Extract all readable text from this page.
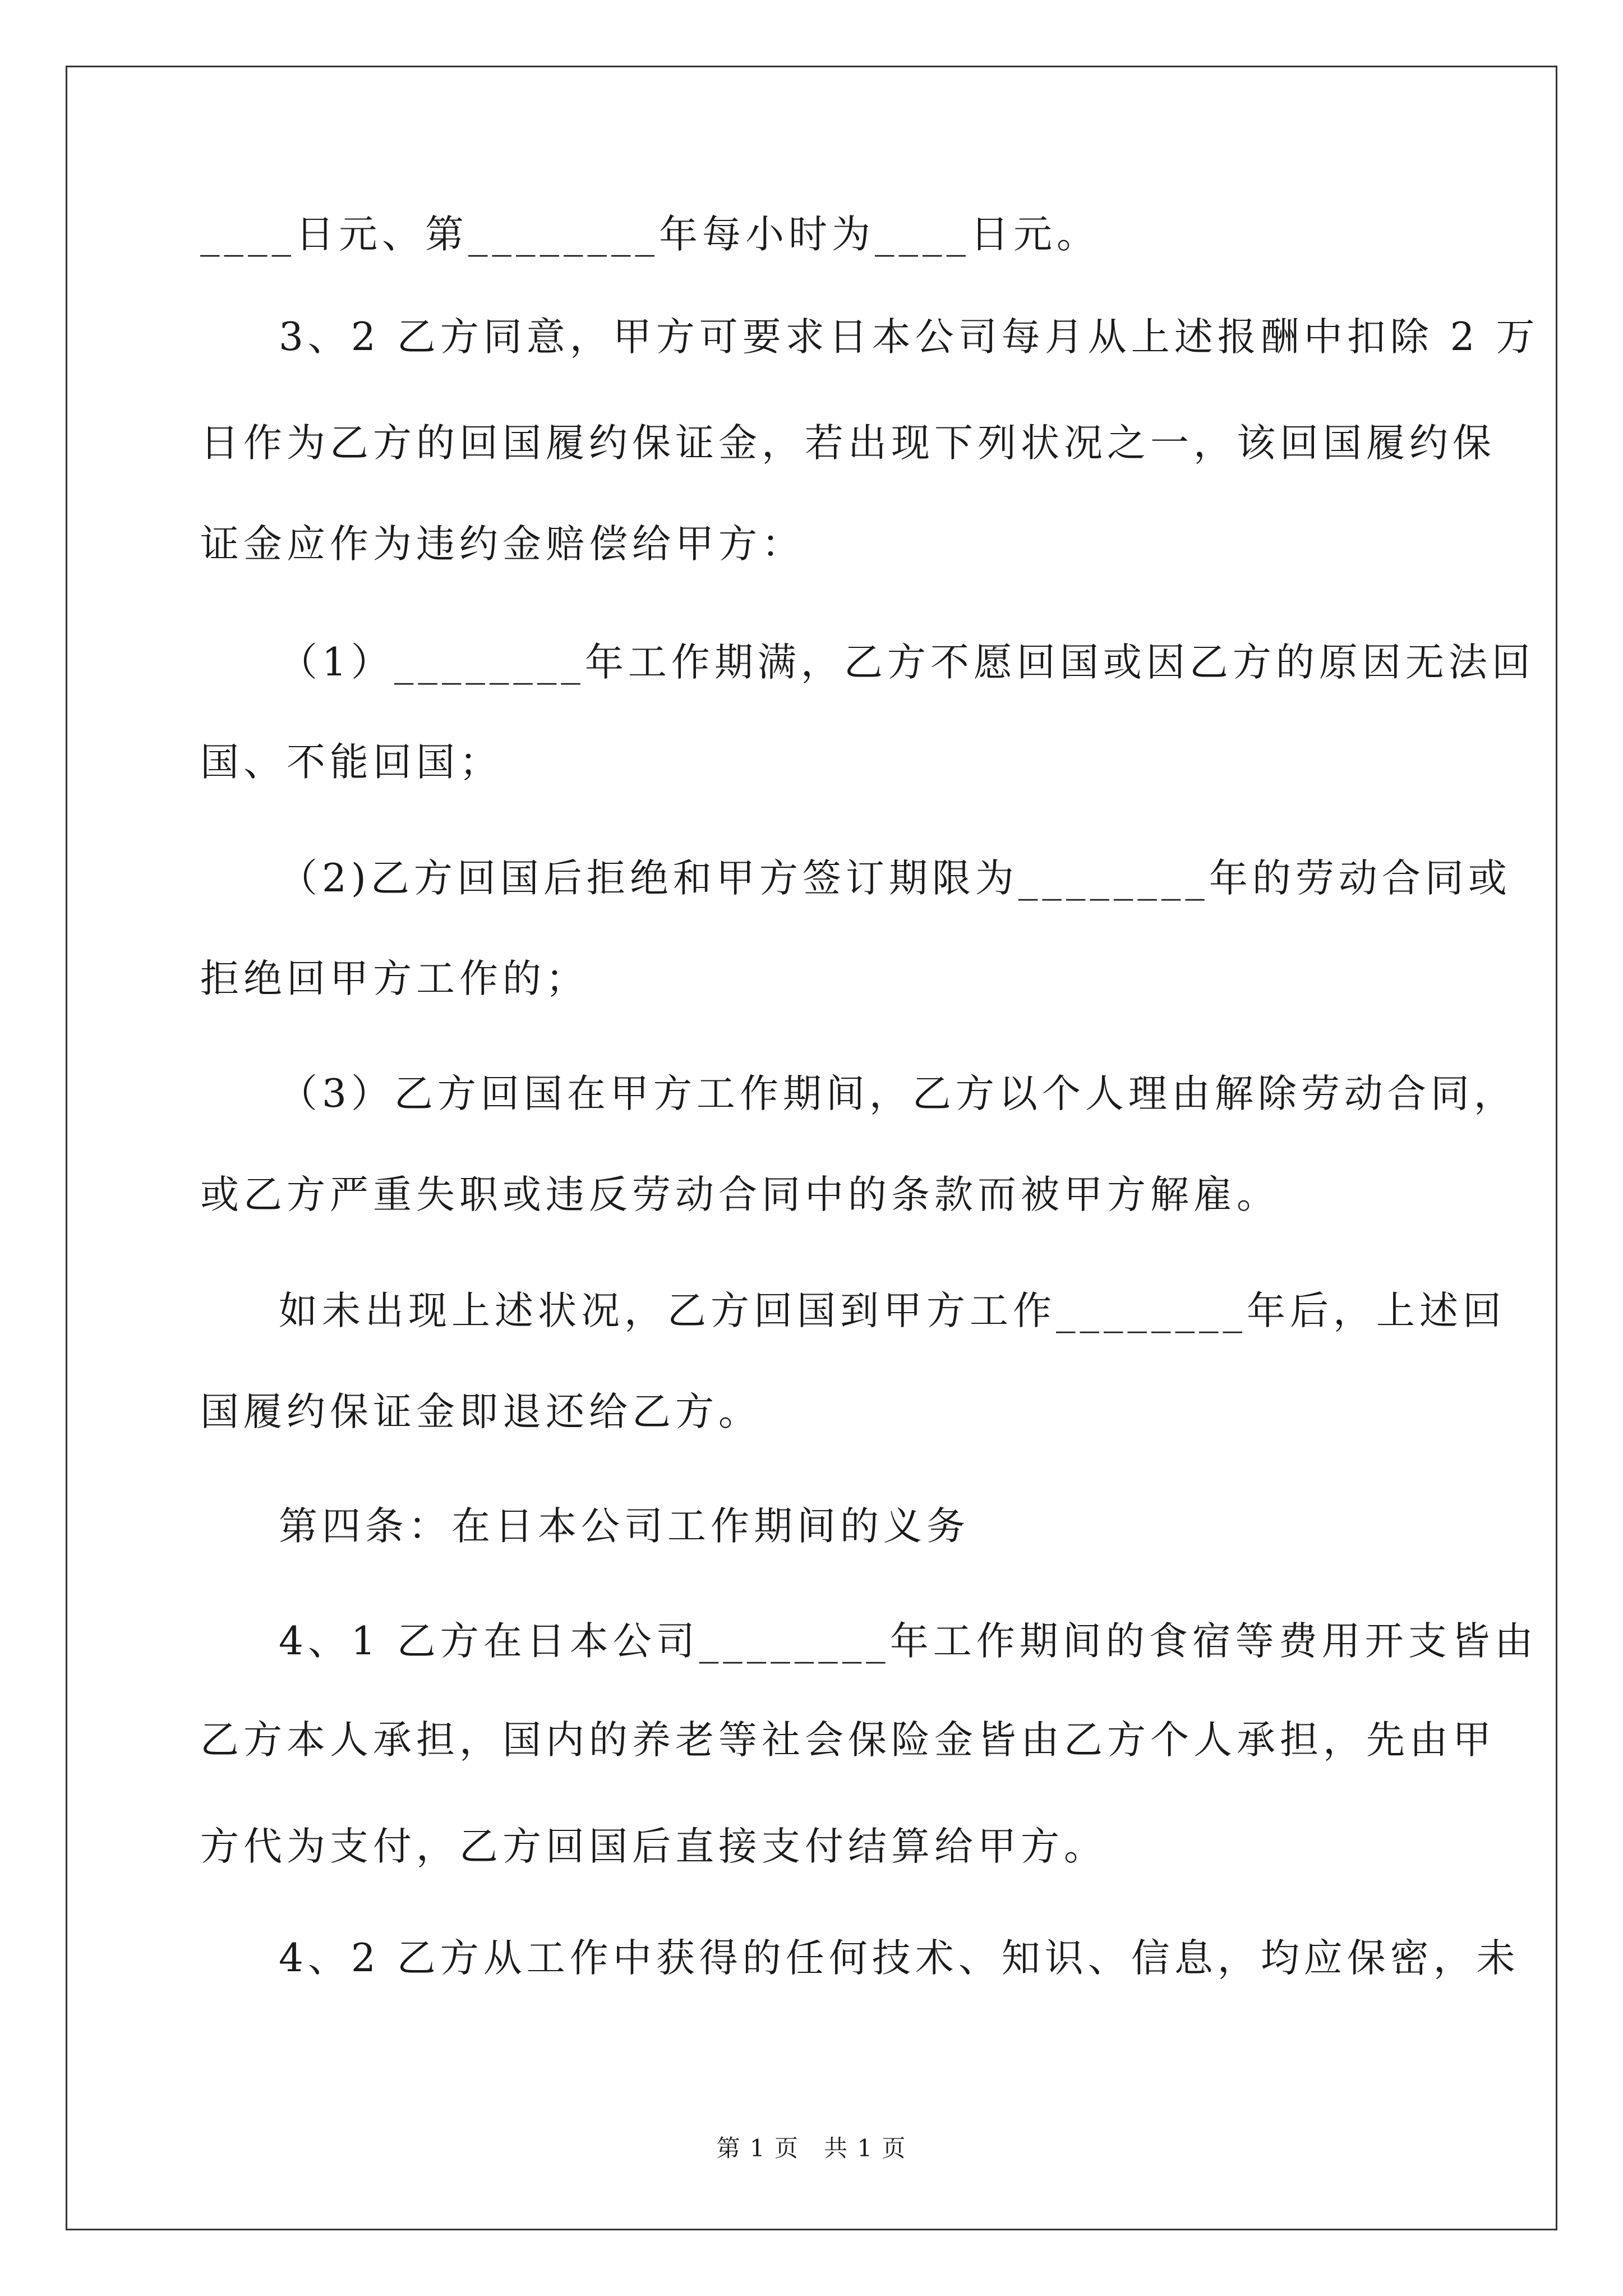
____日元、第________年每小时为____日元。
3、2 乙方同意，甲方可要求日本公司每月从上述报酬中扣除 2 万
日作为乙方的回国履约保证金，若出现下列状况之一，该回国履约保
证金应作为违约金赔偿给甲方：
（1）________年工作期满，乙方不愿回国或因乙方的原因无法回
国、不能回国；
（2)乙方回国后拒绝和甲方签订期限为________年的劳动合同或
拒绝回甲方工作的；
（3）乙方回国在甲方工作期间，乙方以个人理由解除劳动合同，
或乙方严重失职或违反劳动合同中的条款而被甲方解雇。
如未出现上述状况，乙方回国到甲方工作________年后，上述回
国履约保证金即退还给乙方。
第四条：在日本公司工作期间的义务
4、1 乙方在日本公司________年工作期间的食宿等费用开支皆由
乙方本人承担，国内的养老等社会保险金皆由乙方个人承担，先由甲
方代为支付，乙方回国后直接支付结算给甲方。
4、2 乙方从工作中获得的任何技术、知识、信息，均应保密，未
第 1 页　共 1 页
